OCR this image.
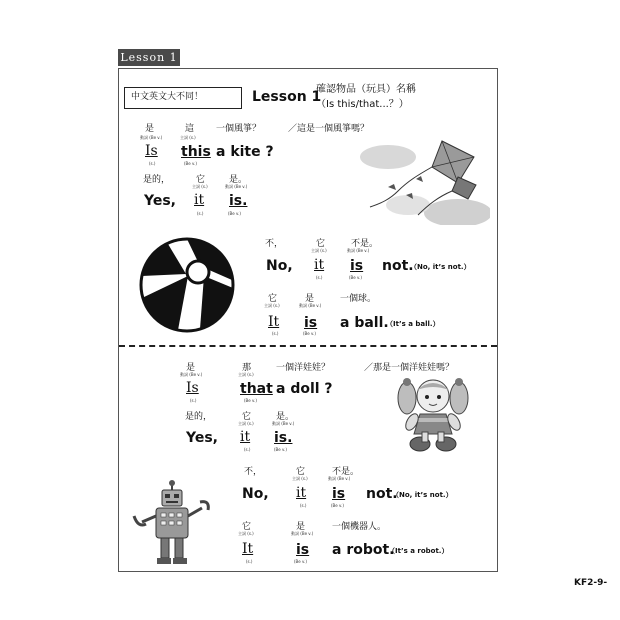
Lesson 1
中文英文大不同！	Lesson 1
確認物品（玩具）名稱
（Is this/that...？）
是	這 一個風箏？	／這是一個風箏嗎？
動詞 (Be v.)	主詞 (s.)
Is this a kite ?
(s.)	(Be v.)
是的，	它	是。
主詞 (s.)	動詞 (Be v.)
Yes, it is.
(s.)	(Be v.)
不，	它	不是。
主詞 (s.)	動詞 (Be v.)
No, it is not.
（No, it’s not.）
(s.)	(Be v.)
它	是	一個球。
主詞 (s.)	動詞 (Be v.)
It is a ball.
（It’s a ball.）
(s.)	(Be v.)
是	那	一個洋娃娃？	／那是一個洋娃娃嗎？
動詞 (Be v.)	主詞 (s.)
Is	that a doll ?
(s.)	(Be v.)
是的，	它	是。
主詞 (s.)	動詞 (Be v.)
Yes, it is.
(s.)	(Be v.)
不，	它	不是。
主詞 (s.)	動詞 (Be v.)
No, it is not.
（No, it’s not.）
(s.)	(Be v.)
它	是	一個機器人。
主詞 (s.)	動詞 (Be v.)
It	is a robot.
（It’s a robot.）
(s.)	(Be v.)
KF2-9-
